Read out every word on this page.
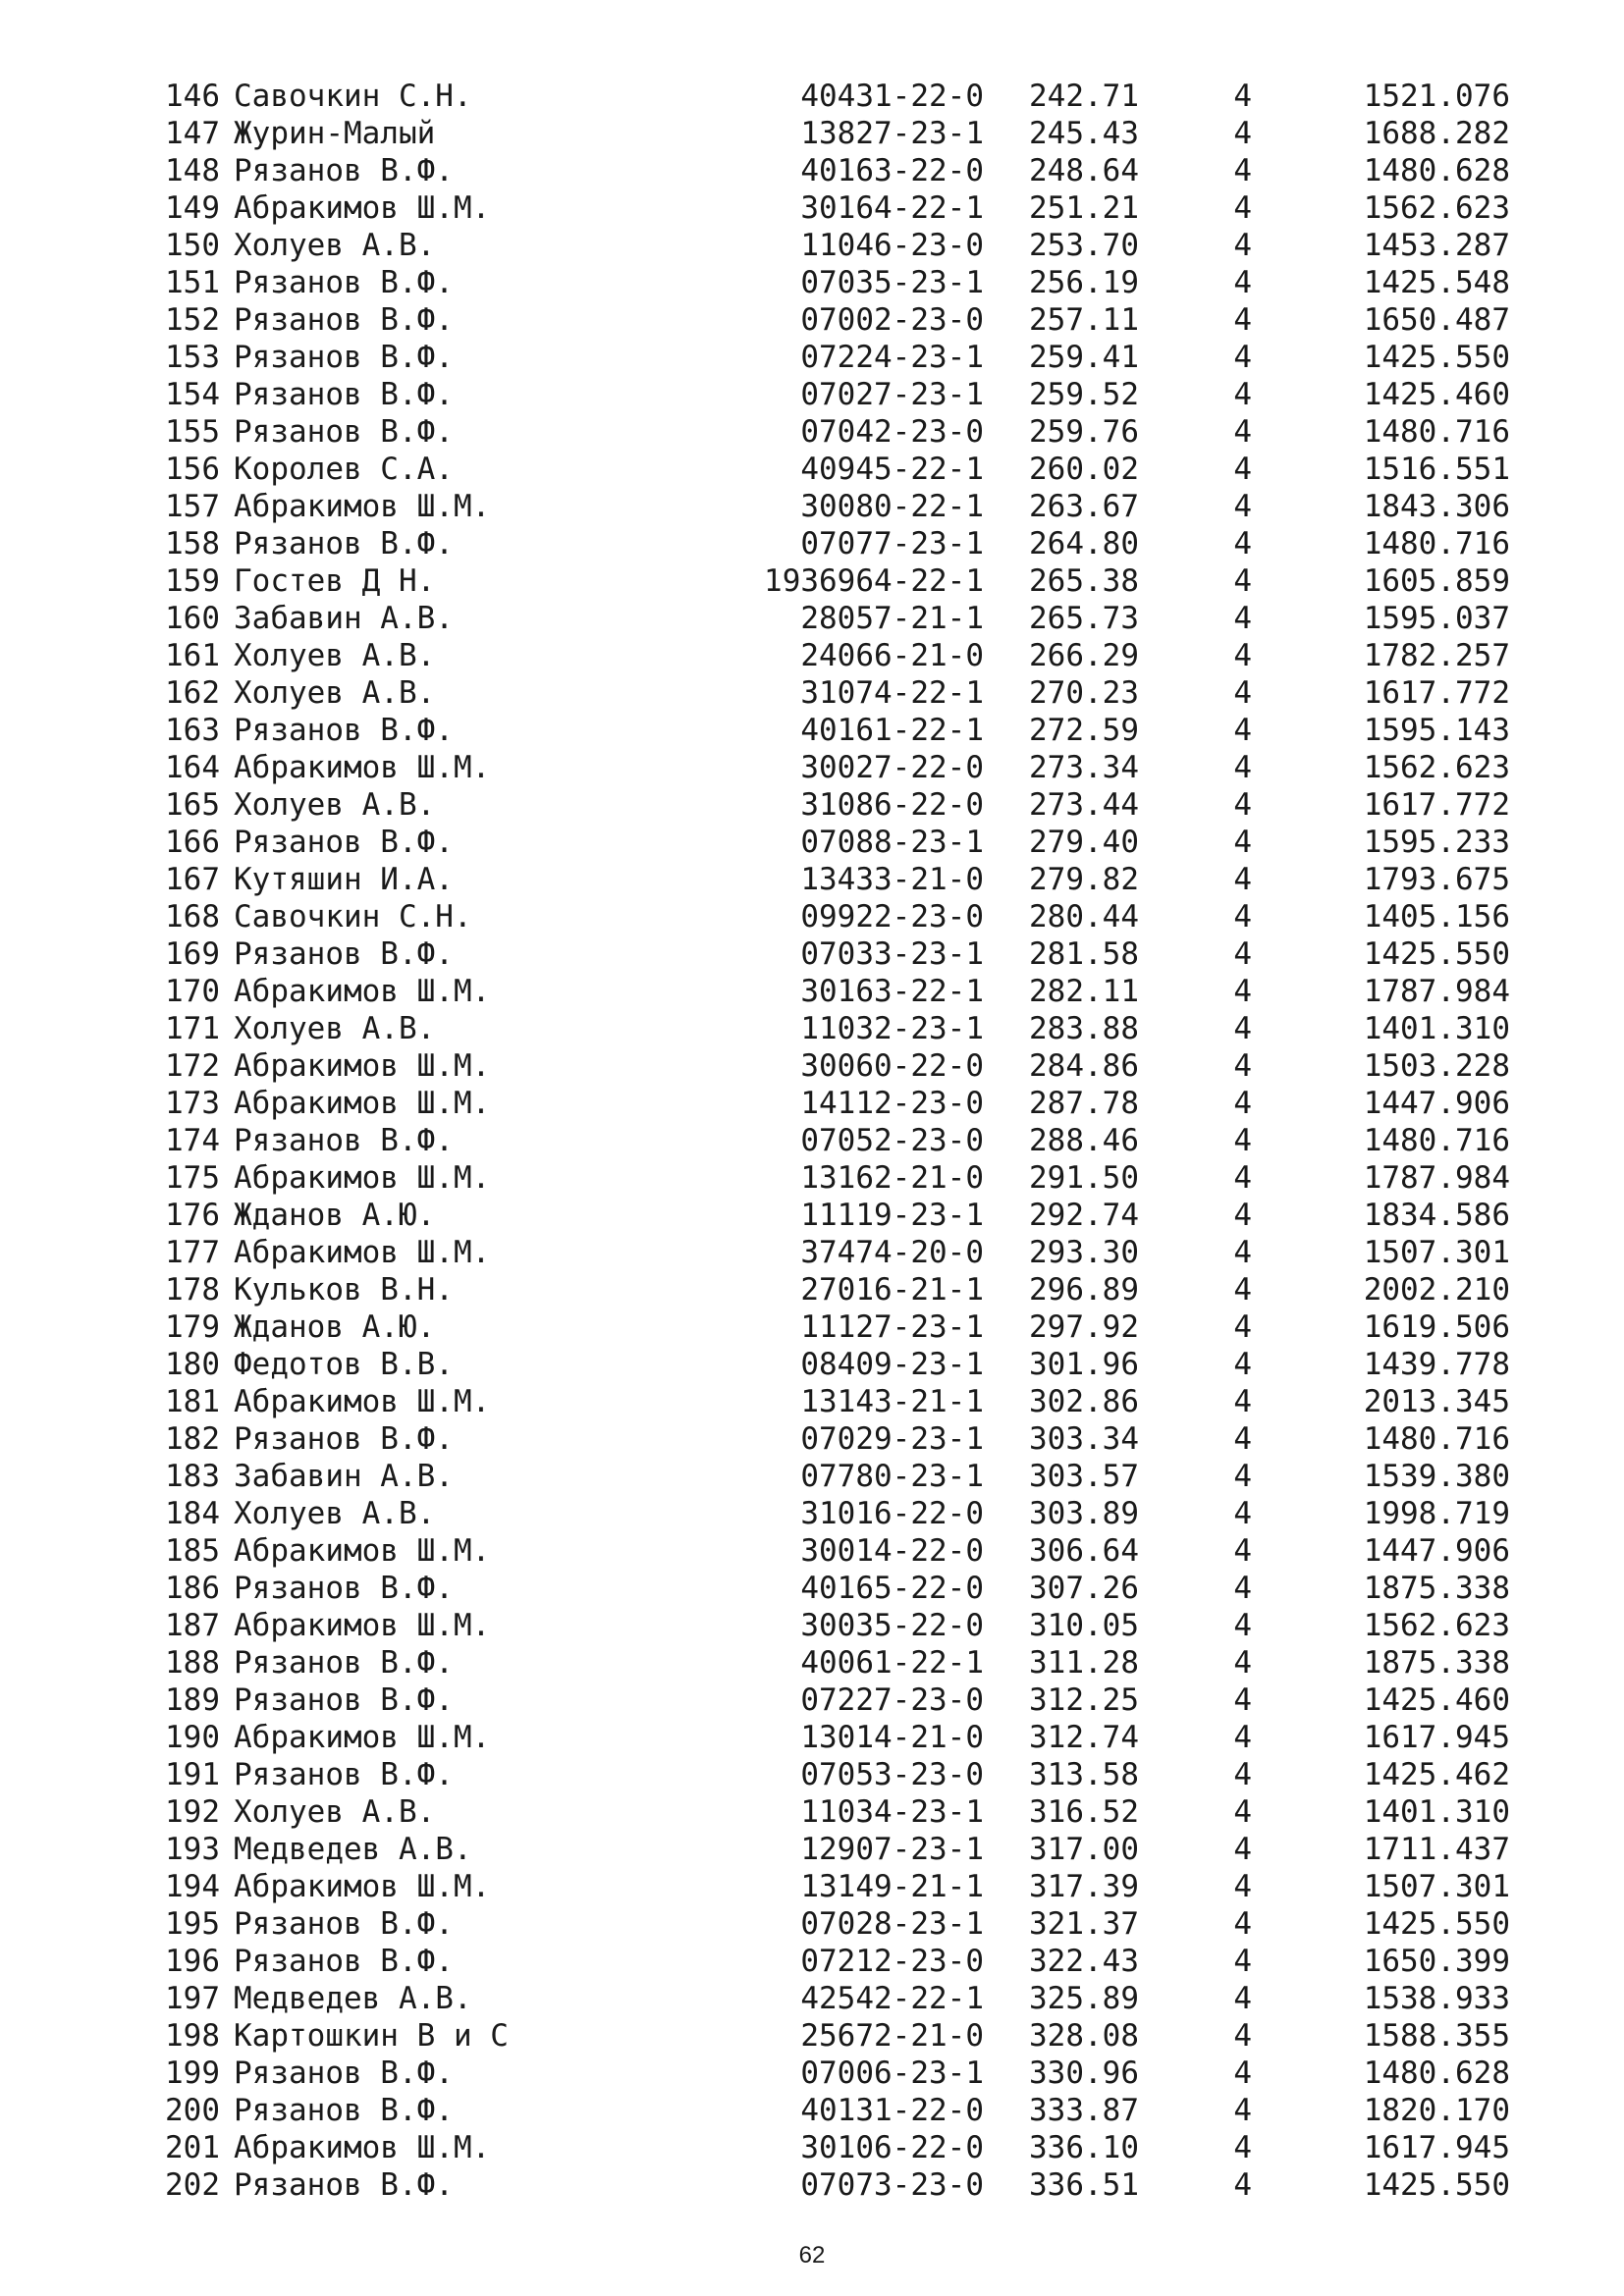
146 Савочкин С.Н.	40431-22-0 242.71	4	1521.076
147 Журин-Малый	13827-23-1 245.43	4	1688.282
148 Рязанов В.Ф.	40163-22-0 248.64	4	1480.628
149 Абракимов Ш.М.	30164-22-1 251.21	4	1562.623
150 Холуев А.В.	11046-23-0 253.70	4	1453.287
151 Рязанов В.Ф.	07035-23-1 256.19	4	1425.548
152 Рязанов В.Ф.	07002-23-0 257.11	4	1650.487
153 Рязанов В.Ф.	07224-23-1 259.41	4	1425.550
154 Рязанов В.Ф.	07027-23-1 259.52	4	1425.460
155 Рязанов В.Ф.	07042-23-0 259.76	4	1480.716
156 Королев С.А.	40945-22-1 260.02	4	1516.551
157 Абракимов Ш.М.	30080-22-1 263.67	4	1843.306
158 Рязанов В.Ф.	07077-23-1 264.80	4	1480.716
159 Гостев Д Н.	1936964-22-1 265.38	4	1605.859
160 Забавин А.В.	28057-21-1 265.73	4	1595.037
161 Холуев А.В.	24066-21-0 266.29	4	1782.257
162 Холуев А.В.	31074-22-1 270.23	4	1617.772
163 Рязанов В.Ф.	40161-22-1 272.59	4	1595.143
164 Абракимов Ш.М.	30027-22-0 273.34	4	1562.623
165 Холуев А.В.	31086-22-0 273.44	4	1617.772
166 Рязанов В.Ф.	07088-23-1 279.40	4	1595.233
167 Кутяшин И.А.	13433-21-0 279.82	4	1793.675
168 Савочкин С.Н.	09922-23-0 280.44	4	1405.156
169 Рязанов В.Ф.	07033-23-1 281.58	4	1425.550
170 Абракимов Ш.М.	30163-22-1 282.11	4	1787.984
171 Холуев А.В.	11032-23-1 283.88	4	1401.310
172 Абракимов Ш.М.	30060-22-0 284.86	4	1503.228
173 Абракимов Ш.М.	14112-23-0 287.78	4	1447.906
174 Рязанов В.Ф.	07052-23-0 288.46	4	1480.716
175 Абракимов Ш.М.	13162-21-0 291.50	4	1787.984
176 Жданов А.Ю.	11119-23-1 292.74	4	1834.586
177 Абракимов Ш.М.	37474-20-0 293.30	4	1507.301
178 Кульков В.Н.	27016-21-1 296.89	4	2002.210
179 Жданов А.Ю.	11127-23-1 297.92	4	1619.506
180 Федотов В.В.	08409-23-1 301.96	4	1439.778
181 Абракимов Ш.М.	13143-21-1 302.86	4	2013.345
182 Рязанов В.Ф.	07029-23-1 303.34	4	1480.716
183 Забавин А.В.	07780-23-1 303.57	4	1539.380
184 Холуев А.В.	31016-22-0 303.89	4	1998.719
185 Абракимов Ш.М.	30014-22-0 306.64	4	1447.906
186 Рязанов В.Ф.	40165-22-0 307.26	4	1875.338
187 Абракимов Ш.М.	30035-22-0 310.05	4	1562.623
188 Рязанов В.Ф.	40061-22-1 311.28	4	1875.338
189 Рязанов В.Ф.	07227-23-0 312.25	4	1425.460
190 Абракимов Ш.М.	13014-21-0 312.74	4	1617.945
191 Рязанов В.Ф.	07053-23-0 313.58	4	1425.462
192 Холуев А.В.	11034-23-1 316.52	4	1401.310
193 Медведев А.В.	12907-23-1 317.00	4	1711.437
194 Абракимов Ш.М.	13149-21-1 317.39	4	1507.301
195 Рязанов В.Ф.	07028-23-1 321.37	4	1425.550
196 Рязанов В.Ф.	07212-23-0 322.43	4	1650.399
197 Медведев А.В.	42542-22-1 325.89	4	1538.933
198 Картошкин В и С	25672-21-0 328.08	4	1588.355
199 Рязанов В.Ф.	07006-23-1 330.96	4	1480.628
200 Рязанов В.Ф.	40131-22-0 333.87	4	1820.170
201 Абракимов Ш.М.	30106-22-0 336.10	4	1617.945
202 Рязанов В.Ф.	07073-23-0 336.51	4	1425.550
62
